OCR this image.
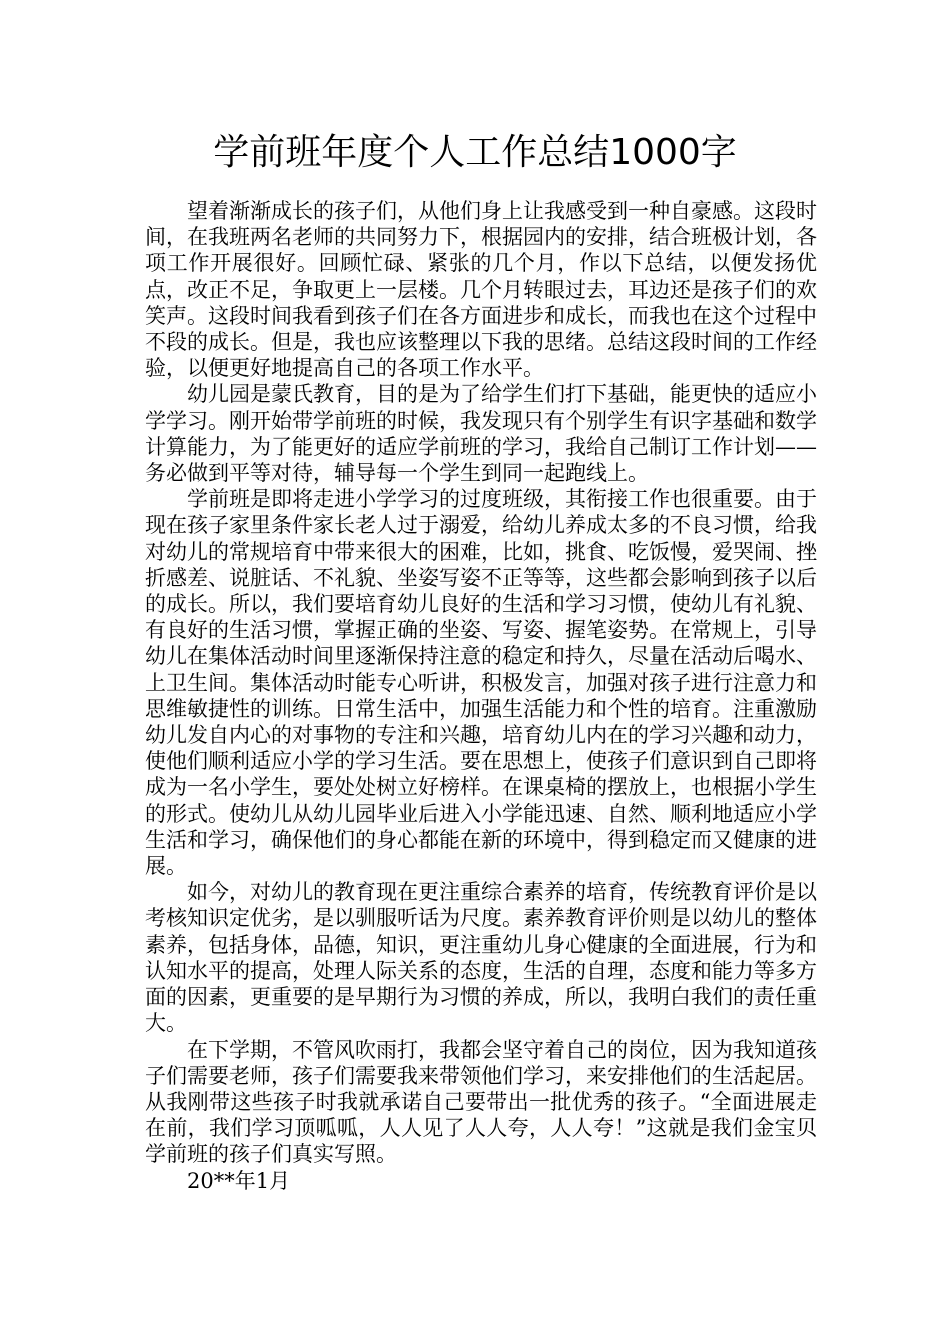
学前班年度个人工作总结1000字

望着渐渐成长的孩子们，从他们身上让我感受到一种自豪感。这段时间，在我班两名老师的共同努力下，根据园内的安排，结合班极计划，各项工作开展很好。回顾忙碌、紧张的几个月，作以下总结，以便发扬优点，改正不足，争取更上一层楼。几个月转眼过去，耳边还是孩子们的欢笑声。这段时间我看到孩子们在各方面进步和成长，而我也在这个过程中不段的成长。但是，我也应该整理以下我的思绪。总结这段时间的工作经验，以便更好地提高自己的各项工作水平。

幼儿园是蒙氏教育，目的是为了给学生们打下基础，能更快的适应小学学习。刚开始带学前班的时候，我发现只有个别学生有识字基础和数学计算能力，为了能更好的适应学前班的学习，我给自己制订工作计划——务必做到平等对待，辅导每一个学生到同一起跑线上。

学前班是即将走进小学学习的过度班级，其衔接工作也很重要。由于现在孩子家里条件家长老人过于溺爱，给幼儿养成太多的不良习惯，给我对幼儿的常规培育中带来很大的困难，比如，挑食、吃饭慢，爱哭闹、挫折感差、说脏话、不礼貌、坐姿写姿不正等等，这些都会影响到孩子以后的成长。所以，我们要培育幼儿良好的生活和学习习惯，使幼儿有礼貌、有良好的生活习惯，掌握正确的坐姿、写姿、握笔姿势。在常规上，引导幼儿在集体活动时间里逐渐保持注意的稳定和持久，尽量在活动后喝水、上卫生间。集体活动时能专心听讲，积极发言，加强对孩子进行注意力和思维敏捷性的训练。日常生活中，加强生活能力和个性的培育。注重激励幼儿发自内心的对事物的专注和兴趣，培育幼儿内在的学习兴趣和动力，使他们顺利适应小学的学习生活。要在思想上，使孩子们意识到自己即将成为一名小学生，要处处树立好榜样。在课桌椅的摆放上，也根据小学生的形式。使幼儿从幼儿园毕业后进入小学能迅速、自然、顺利地适应小学生活和学习，确保他们的身心都能在新的环境中，得到稳定而又健康的进展。

如今，对幼儿的教育现在更注重综合素养的培育，传统教育评价是以考核知识定优劣，是以驯服听话为尺度。素养教育评价则是以幼儿的整体素养，包括身体，品德，知识，更注重幼儿身心健康的全面进展，行为和认知水平的提高，处理人际关系的态度，生活的自理，态度和能力等多方面的因素，更重要的是早期行为习惯的养成，所以，我明白我们的责任重大。

在下学期，不管风吹雨打，我都会坚守着自己的岗位，因为我知道孩子们需要老师，孩子们需要我来带领他们学习，来安排他们的生活起居。从我刚带这些孩子时我就承诺自己要带出一批优秀的孩子。“全面进展走在前，我们学习顶呱呱，人人见了人人夸，人人夸！”这就是我们金宝贝学前班的孩子们真实写照。

20**年1月
